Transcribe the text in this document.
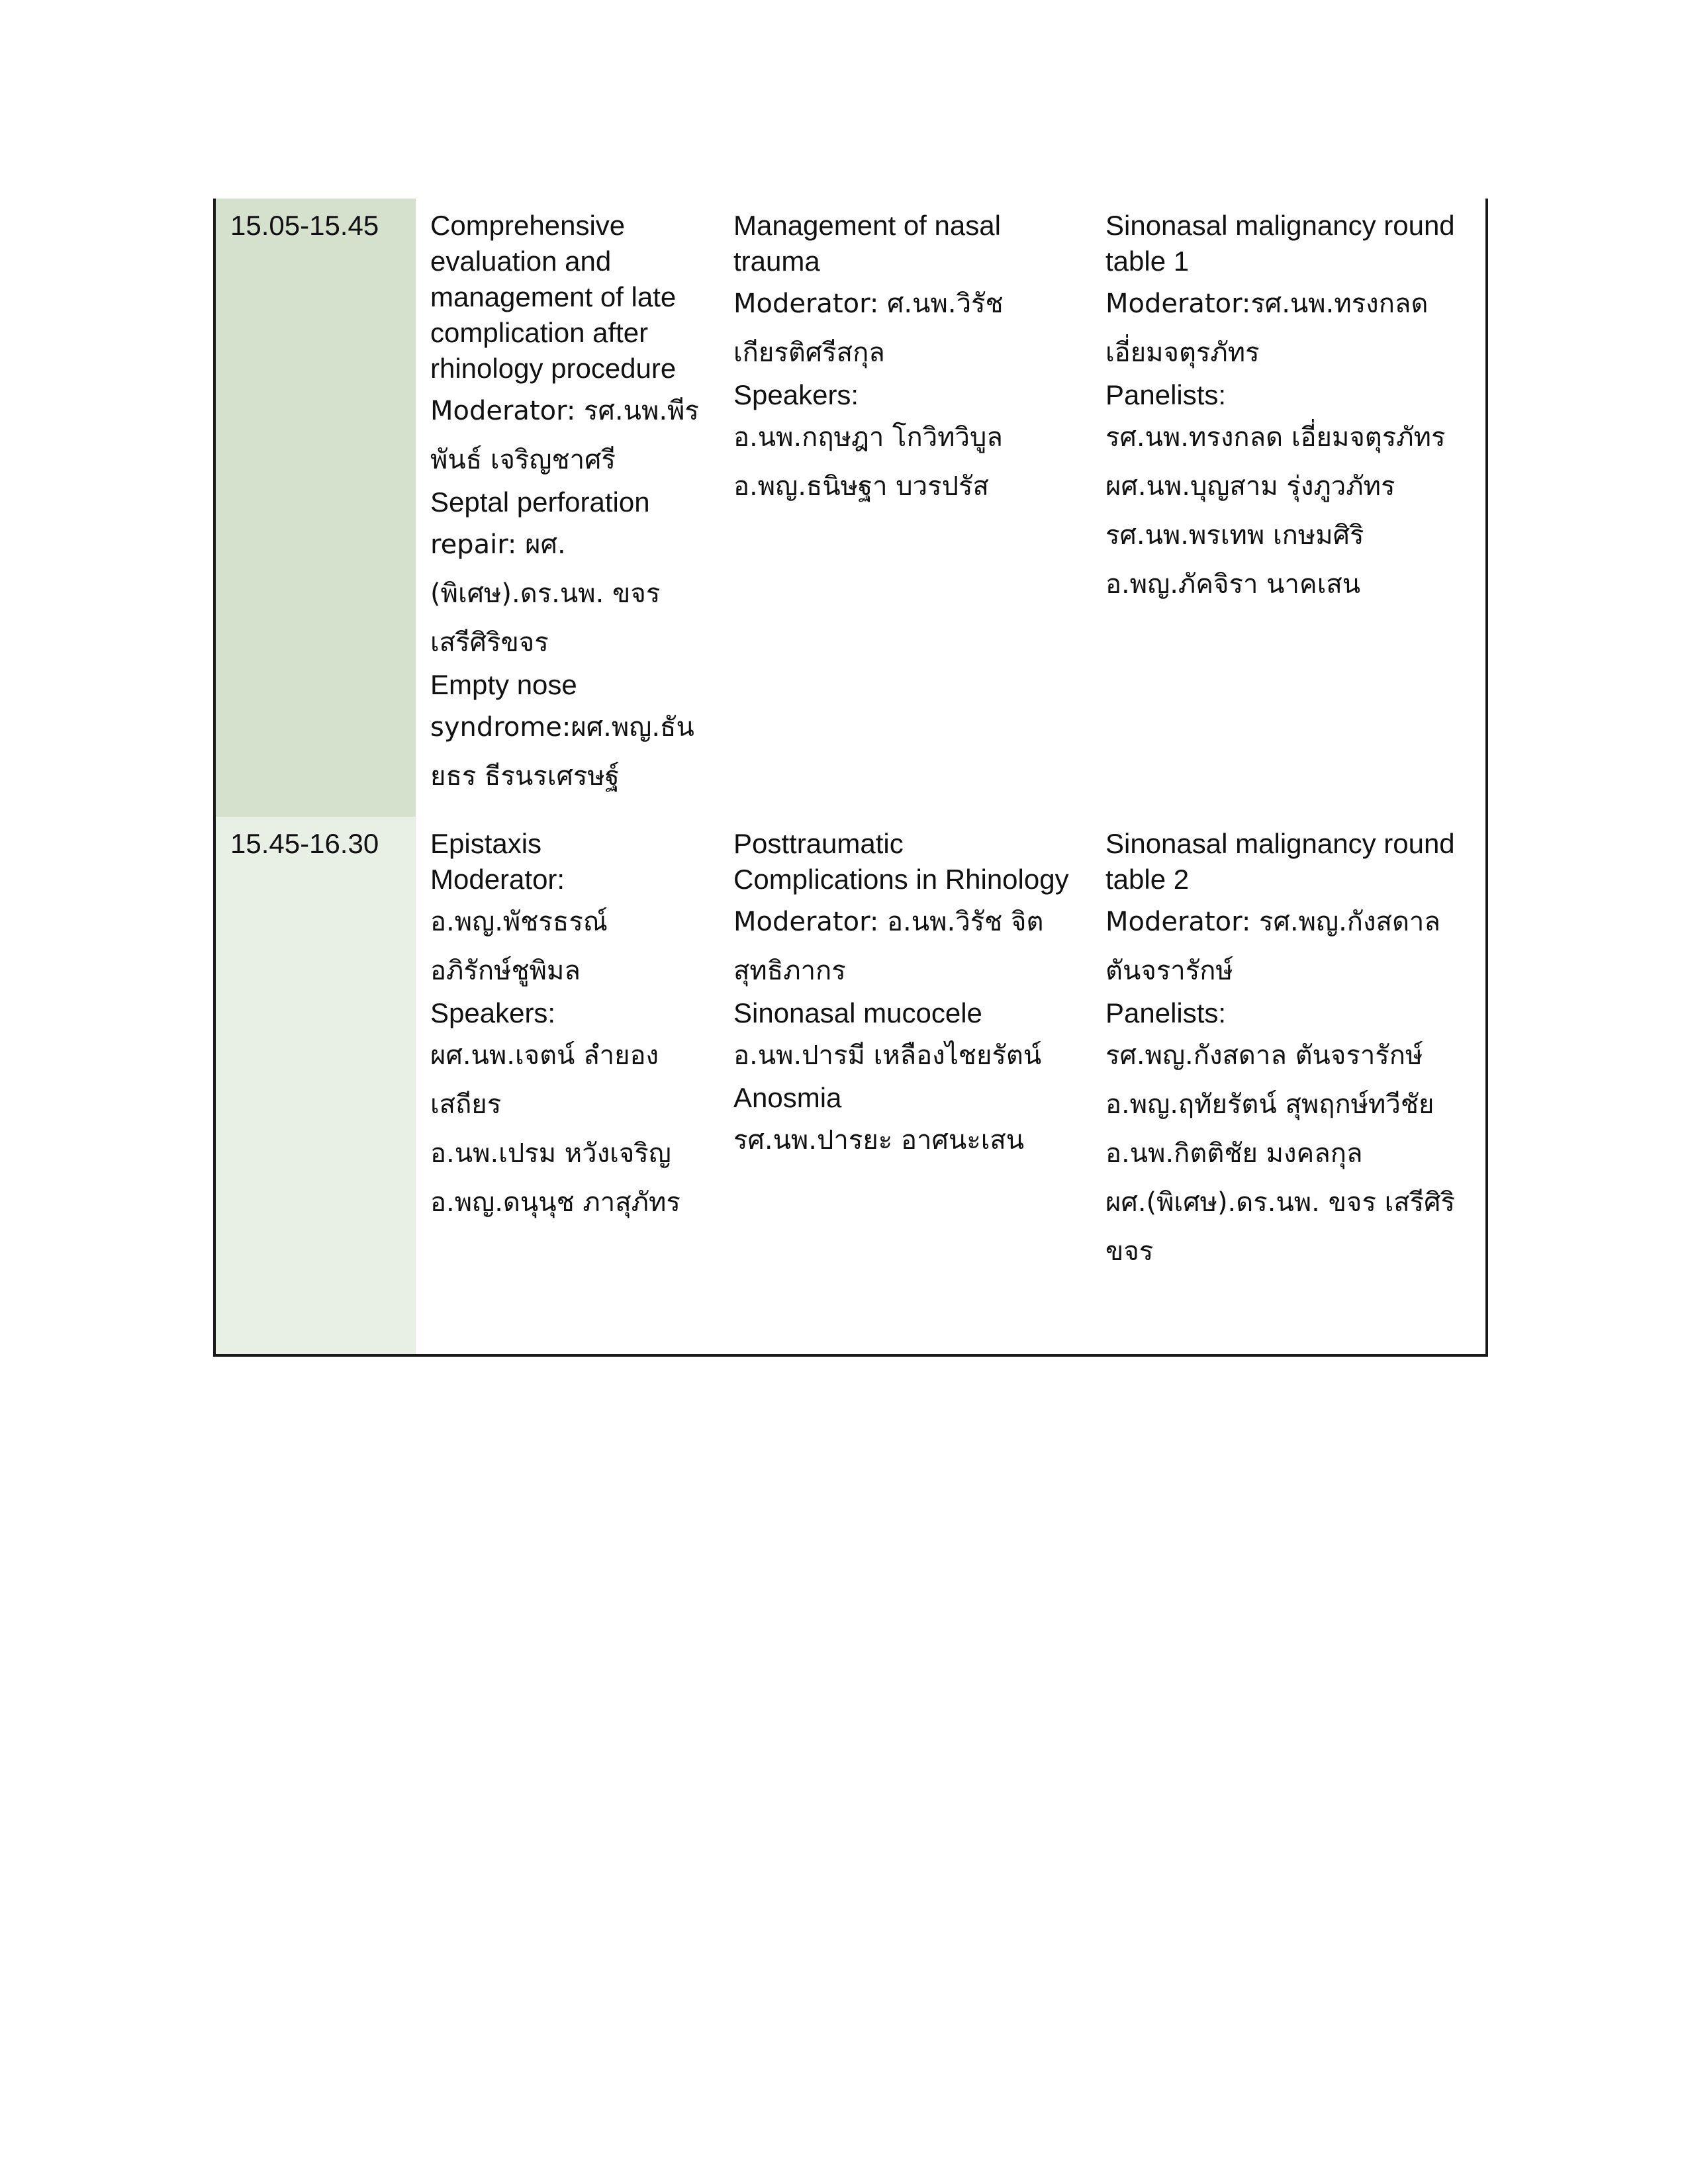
15.05-15.45	Comprehensive
evaluation and
management of late
complication after
rhinology procedure
Moderator: รศ.นพ.พีร
พันธ์ เจริญชาศรี
Septal perforation
repair: ผศ.
(พิเศษ).ดร.นพ. ขจร
เสรีศิริขจร
Empty nose
syndrome:ผศ.พญ.ธัน
ยธร ธีรนรเศรษฐ์
Management of nasal
trauma
Moderator: ศ.นพ.วิรัช
เกียรติศรีสกุล
Speakers:
อ.นพ.กฤษฎา โกวิทวิบูล
อ.พญ.ธนิษฐา บวรปรัส
Sinonasal malignancy round
table 1
Moderator:รศ.นพ.ทรงกลด
เอี่ยมจตุรภัทร
Panelists:
รศ.นพ.ทรงกลด เอี่ยมจตุรภัทร
ผศ.นพ.บุญสาม รุ่งภูวภัทร
รศ.นพ.พรเทพ เกษมศิริ
อ.พญ.ภัคจิรา นาคเสน
15.45-16.30	Epistaxis
Moderator:
อ.พญ.พัชรธรณ์
อภิรักษ์ชูพิมล
Speakers:
ผศ.นพ.เจตน์ ลำยอง
เสถียร
อ.นพ.เปรม หวังเจริญ
อ.พญ.ดนุนุช ภาสุภัทร
Posttraumatic
Complications in Rhinology
Moderator: อ.นพ.วิรัช จิต
สุทธิภากร
Sinonasal mucocele
อ.นพ.ปารมี เหลืองไชยรัตน์
Anosmia
รศ.นพ.ปารยะ อาศนะเสน
Sinonasal malignancy round
table 2
Moderator: รศ.พญ.กังสดาล
ตันจรารักษ์
Panelists:
รศ.พญ.กังสดาล ตันจรารักษ์
อ.พญ.ฤทัยรัตน์ สุพฤกษ์ทวีชัย
อ.นพ.กิตติชัย มงคลกุล
ผศ.(พิเศษ).ดร.นพ. ขจร เสรีศิริ
ขจร
